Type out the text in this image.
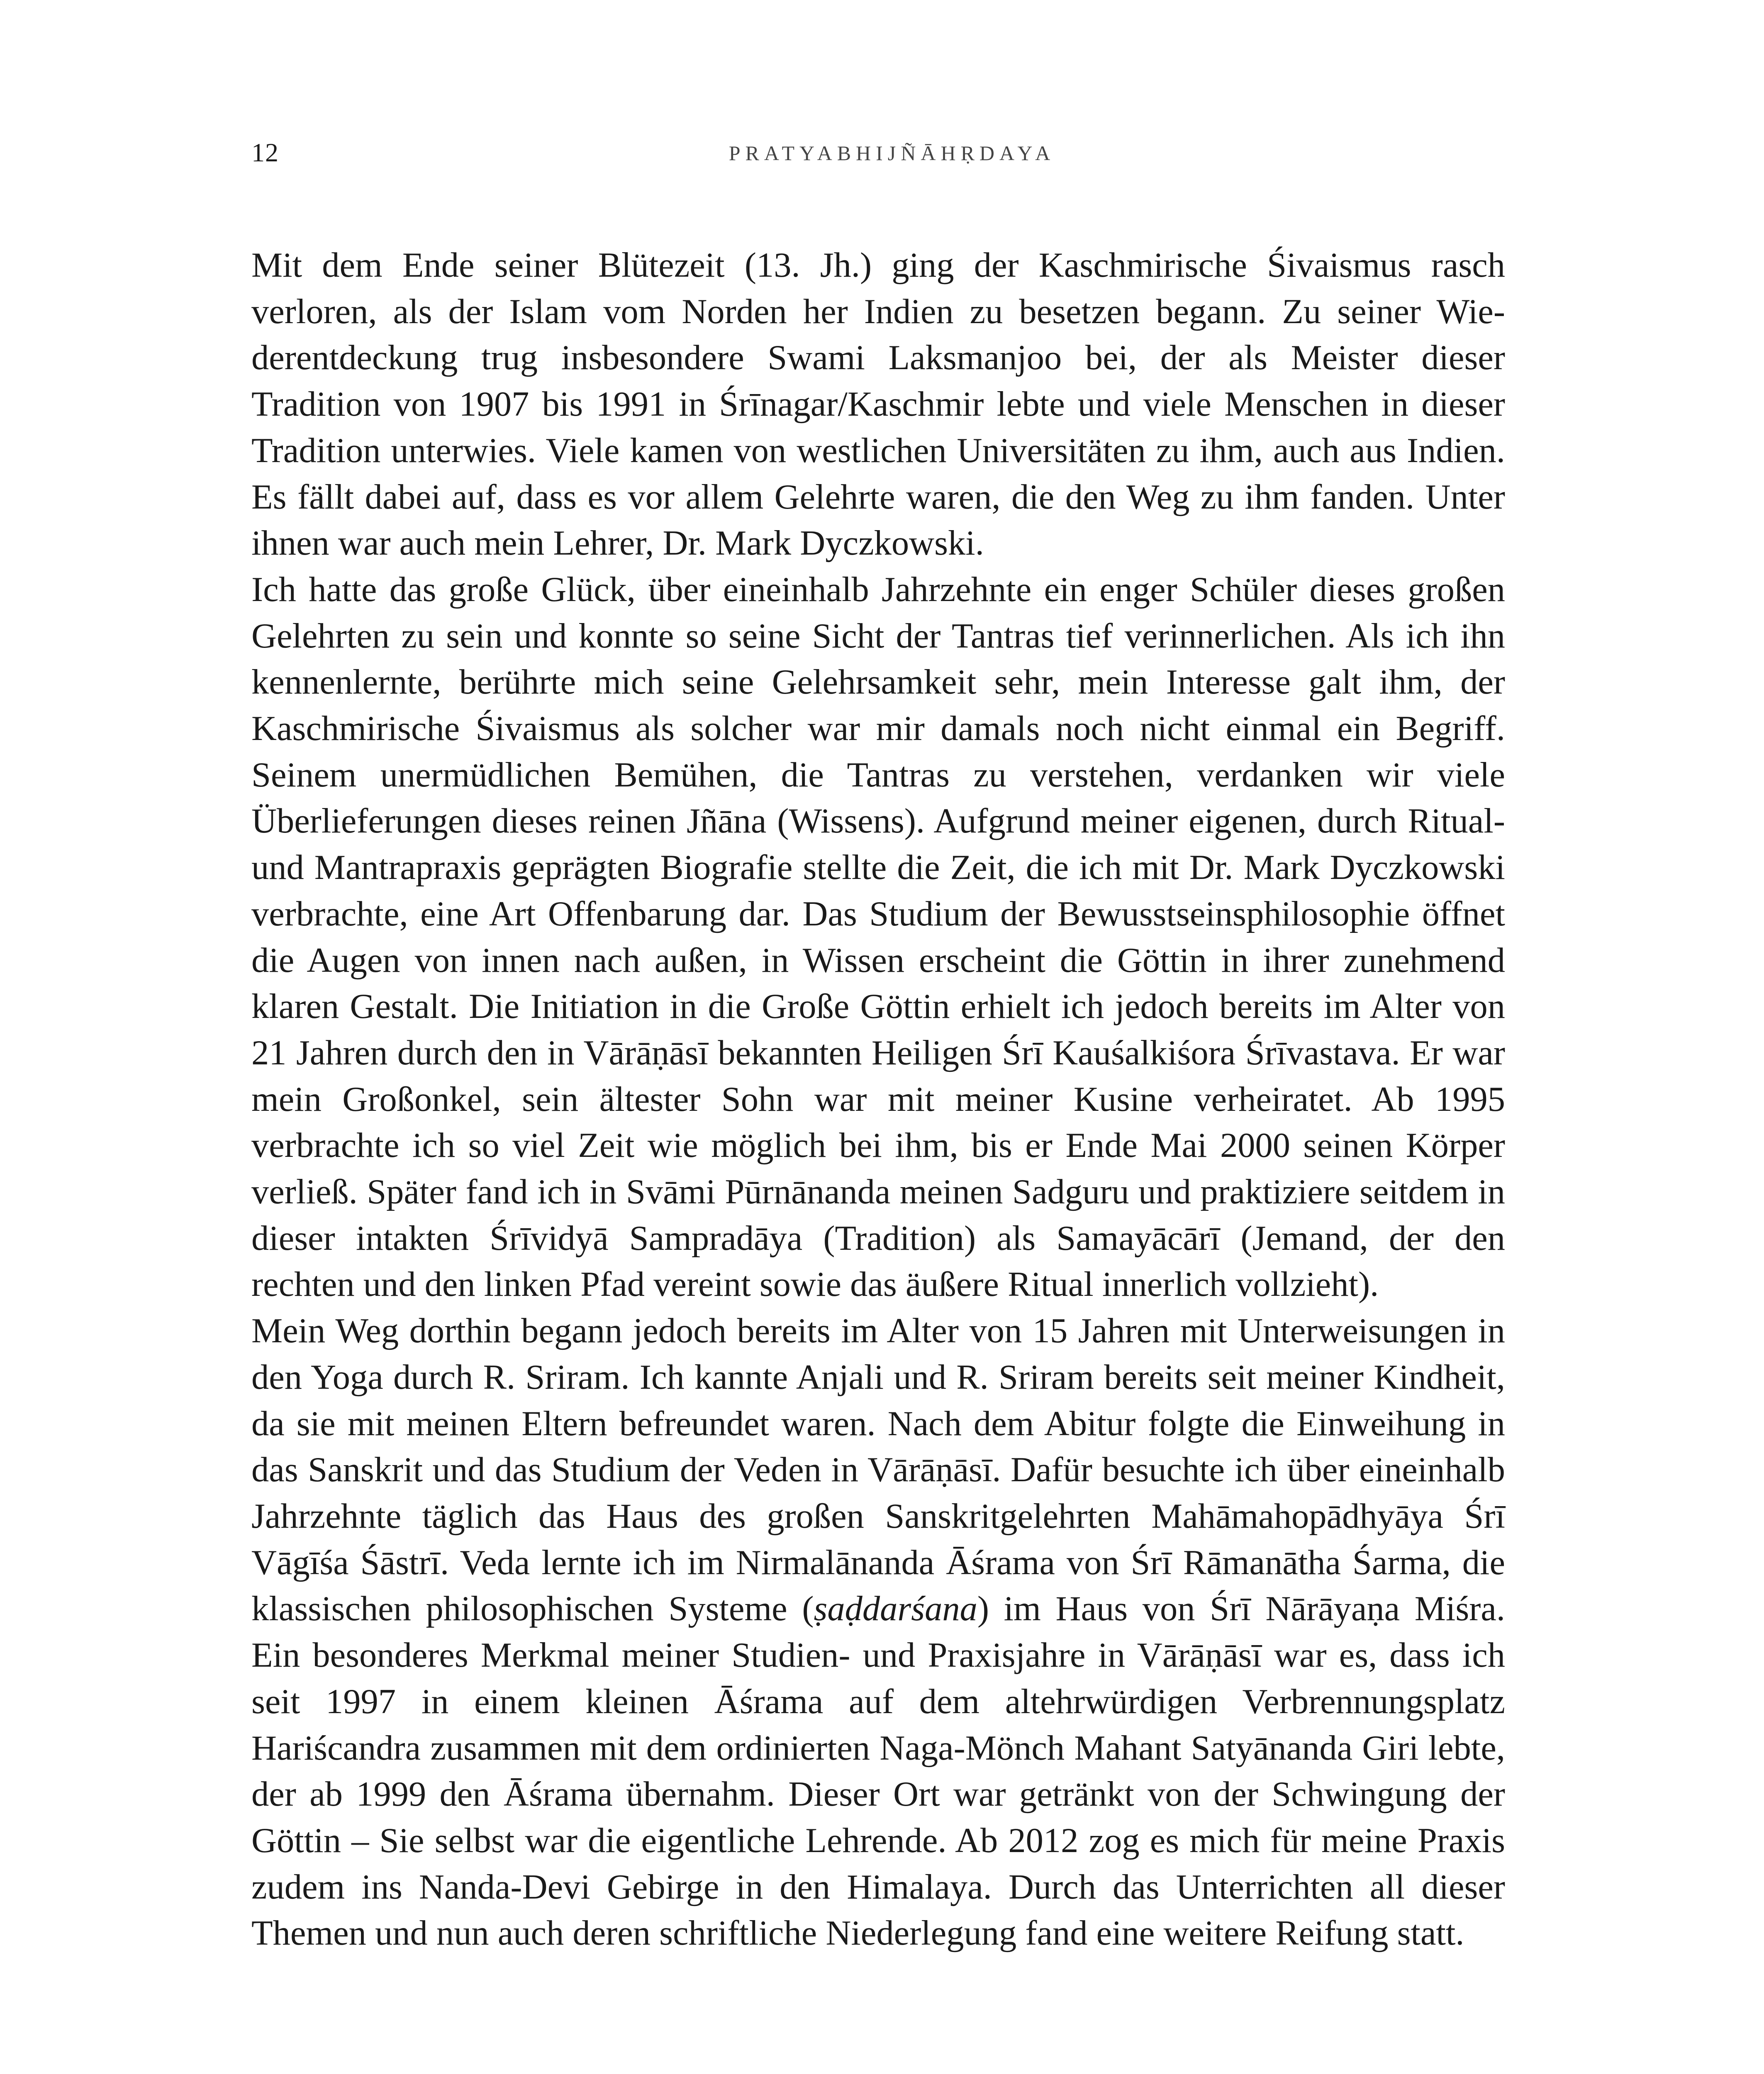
12	PRATYABHIJÑĀHṚDAYA

Mit dem Ende seiner Blütezeit (13. Jh.) ging der Kaschmirische Śivaismus rasch verloren, als der Islam vom Norden her Indien zu besetzen begann. Zu seiner Wiederentdeckung trug insbesondere Swami Laksmanjoo bei, der als Meister dieser Tradition von 1907 bis 1991 in Śrīnagar/Kaschmir lebte und viele Menschen in dieser Tradition unterwies. Viele kamen von westlichen Universitäten zu ihm, auch aus Indien. Es fällt dabei auf, dass es vor allem Gelehrte waren, die den Weg zu ihm fanden. Unter ihnen war auch mein Lehrer, Dr. Mark Dyczkowski.

Ich hatte das große Glück, über eineinhalb Jahrzehnte ein enger Schüler dieses großen Gelehrten zu sein und konnte so seine Sicht der Tantras tief verinnerlichen. Als ich ihn kennenlernte, berührte mich seine Gelehrsamkeit sehr, mein Interesse galt ihm, der Kaschmirische Śivaismus als solcher war mir damals noch nicht einmal ein Begriff. Seinem unermüdlichen Bemühen, die Tantras zu verstehen, verdanken wir viele Überlieferungen dieses reinen Jñāna (Wissens). Aufgrund meiner eigenen, durch Ritual- und Mantrapraxis geprägten Biografie stellte die Zeit, die ich mit Dr. Mark Dyczkowski verbrachte, eine Art Offenbarung dar. Das Studium der Bewusstseinsphilosophie öffnet die Augen von innen nach außen, in Wissen erscheint die Göttin in ihrer zunehmend klaren Gestalt. Die Initiation in die Große Göttin erhielt ich jedoch bereits im Alter von 21 Jahren durch den in Vārāṇāsī bekannten Heiligen Śrī Kauśalkiśora Śrīvastava. Er war mein Großonkel, sein ältester Sohn war mit meiner Kusine verheiratet. Ab 1995 verbrachte ich so viel Zeit wie möglich bei ihm, bis er Ende Mai 2000 seinen Körper verließ. Später fand ich in Svāmi Pūrnānanda meinen Sadguru und praktiziere seitdem in dieser intakten Śrīvidyā Sampradāya (Tradition) als Samayācārī (Jemand, der den rechten und den linken Pfad vereint sowie das äußere Ritual innerlich vollzieht).

Mein Weg dorthin begann jedoch bereits im Alter von 15 Jahren mit Unterweisungen in den Yoga durch R. Sriram. Ich kannte Anjali und R. Sriram bereits seit meiner Kindheit, da sie mit meinen Eltern befreundet waren. Nach dem Abitur folgte die Einweihung in das Sanskrit und das Studium der Veden in Vārāṇāsī. Dafür besuchte ich über eineinhalb Jahrzehnte täglich das Haus des großen Sanskritgelehrten Mahāmahopādhyāya Śrī Vāgīśa Śāstrī. Veda lernte ich im Nirmalānanda Āśrama von Śrī Rāmanātha Śarma, die klassischen philosophischen Systeme (ṣaḍdarśana) im Haus von Śrī Nārāyaṇa Miśra. Ein besonderes Merkmal meiner Studien- und Praxisjahre in Vārāṇāsī war es, dass ich seit 1997 in einem kleinen Āśrama auf dem altehrwürdigen Verbrennungsplatz Hariścandra zusammen mit dem ordinierten Naga-Mönch Mahant Satyānanda Giri lebte, der ab 1999 den Āśrama übernahm. Dieser Ort war getränkt von der Schwingung der Göttin – Sie selbst war die eigentliche Lehrende. Ab 2012 zog es mich für meine Praxis zudem ins Nanda-Devi Gebirge in den Himalaya. Durch das Unterrichten all dieser Themen und nun auch deren schriftliche Niederlegung fand eine weitere Reifung statt.
